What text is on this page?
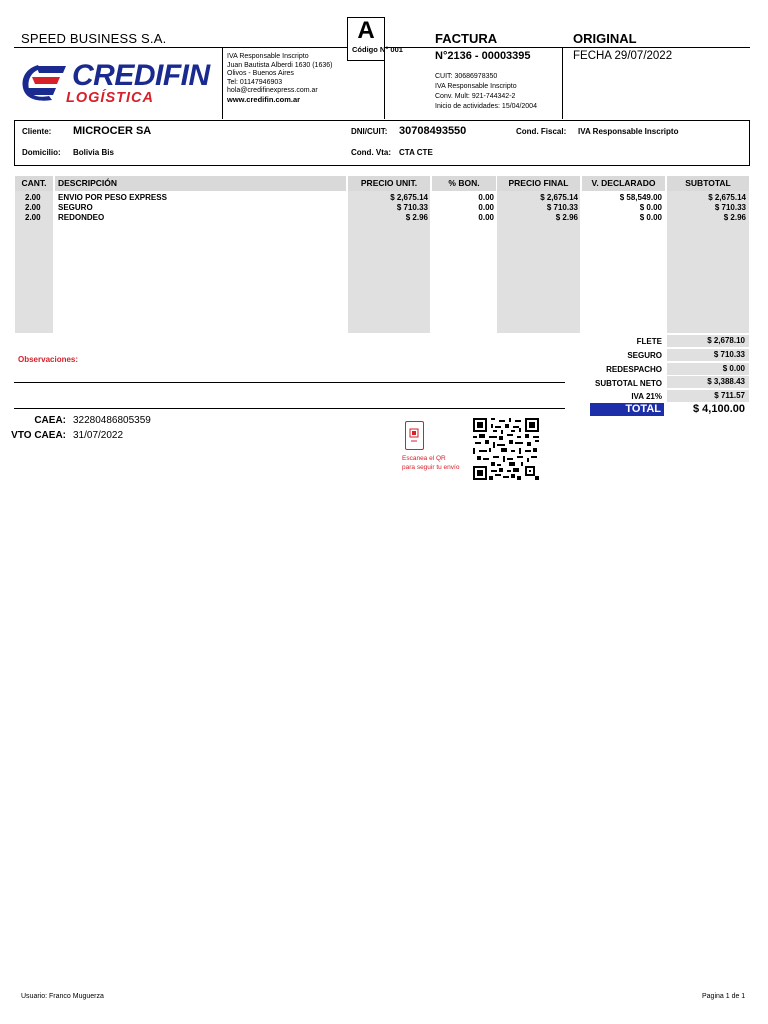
SPEED BUSINESS S.A.	A
Código N° 001
FACTURA	ORIGINAL
N°2136 - 00003395	FECHA 29/07/2022
CREDIFIN
LOGÍSTICA
IVA Responsable Inscripto
Juan Bautista Alberdi 1630 (1636)
Olivos - Buenos Aires
Tel: 01147946903
hola@credifinexpress.com.ar
www.credifin.com.ar
CUIT: 30686978350
IVA Responsable Inscripto
Conv. Mult: 921-744342-2
Inicio de actividades: 15/04/2004
Cliente: MICROCER SA	DNI/CUIT: 30708493550	Cond. Fiscal: IVA Responsable Inscripto
Domicilio: Bolivia Bis	Cond. Vta: CTA CTE
CANT.	DESCRIPCIÓN	PRECIO UNIT.	% BON.	PRECIO FINAL	V. DECLARADO	SUBTOTAL
2.00 ENVIO POR PESO EXPRESS	$ 2,675.14	0.00	$ 2,675.14	$ 58,549.00	$ 2,675.14
2.00 SEGURO	$ 710.33	0.00	$ 710.33	$ 0.00	$ 710.33
2.00 REDONDEO	$ 2.96	0.00	$ 2.96	$ 0.00	$ 2.96
Observaciones:
FLETE	$ 2,678.10
SEGURO	$ 710.33
REDESPACHO	$ 0.00
SUBTOTAL NETO	$ 3,388.43
IVA 21%	$ 711.57
TOTAL	$ 4,100.00
CAEA: 32280486805359
VTO CAEA: 31/07/2022
Escanea el QR
para seguir tu envío
Usuario: Franco Muguerza	Pagina 1 de 1
